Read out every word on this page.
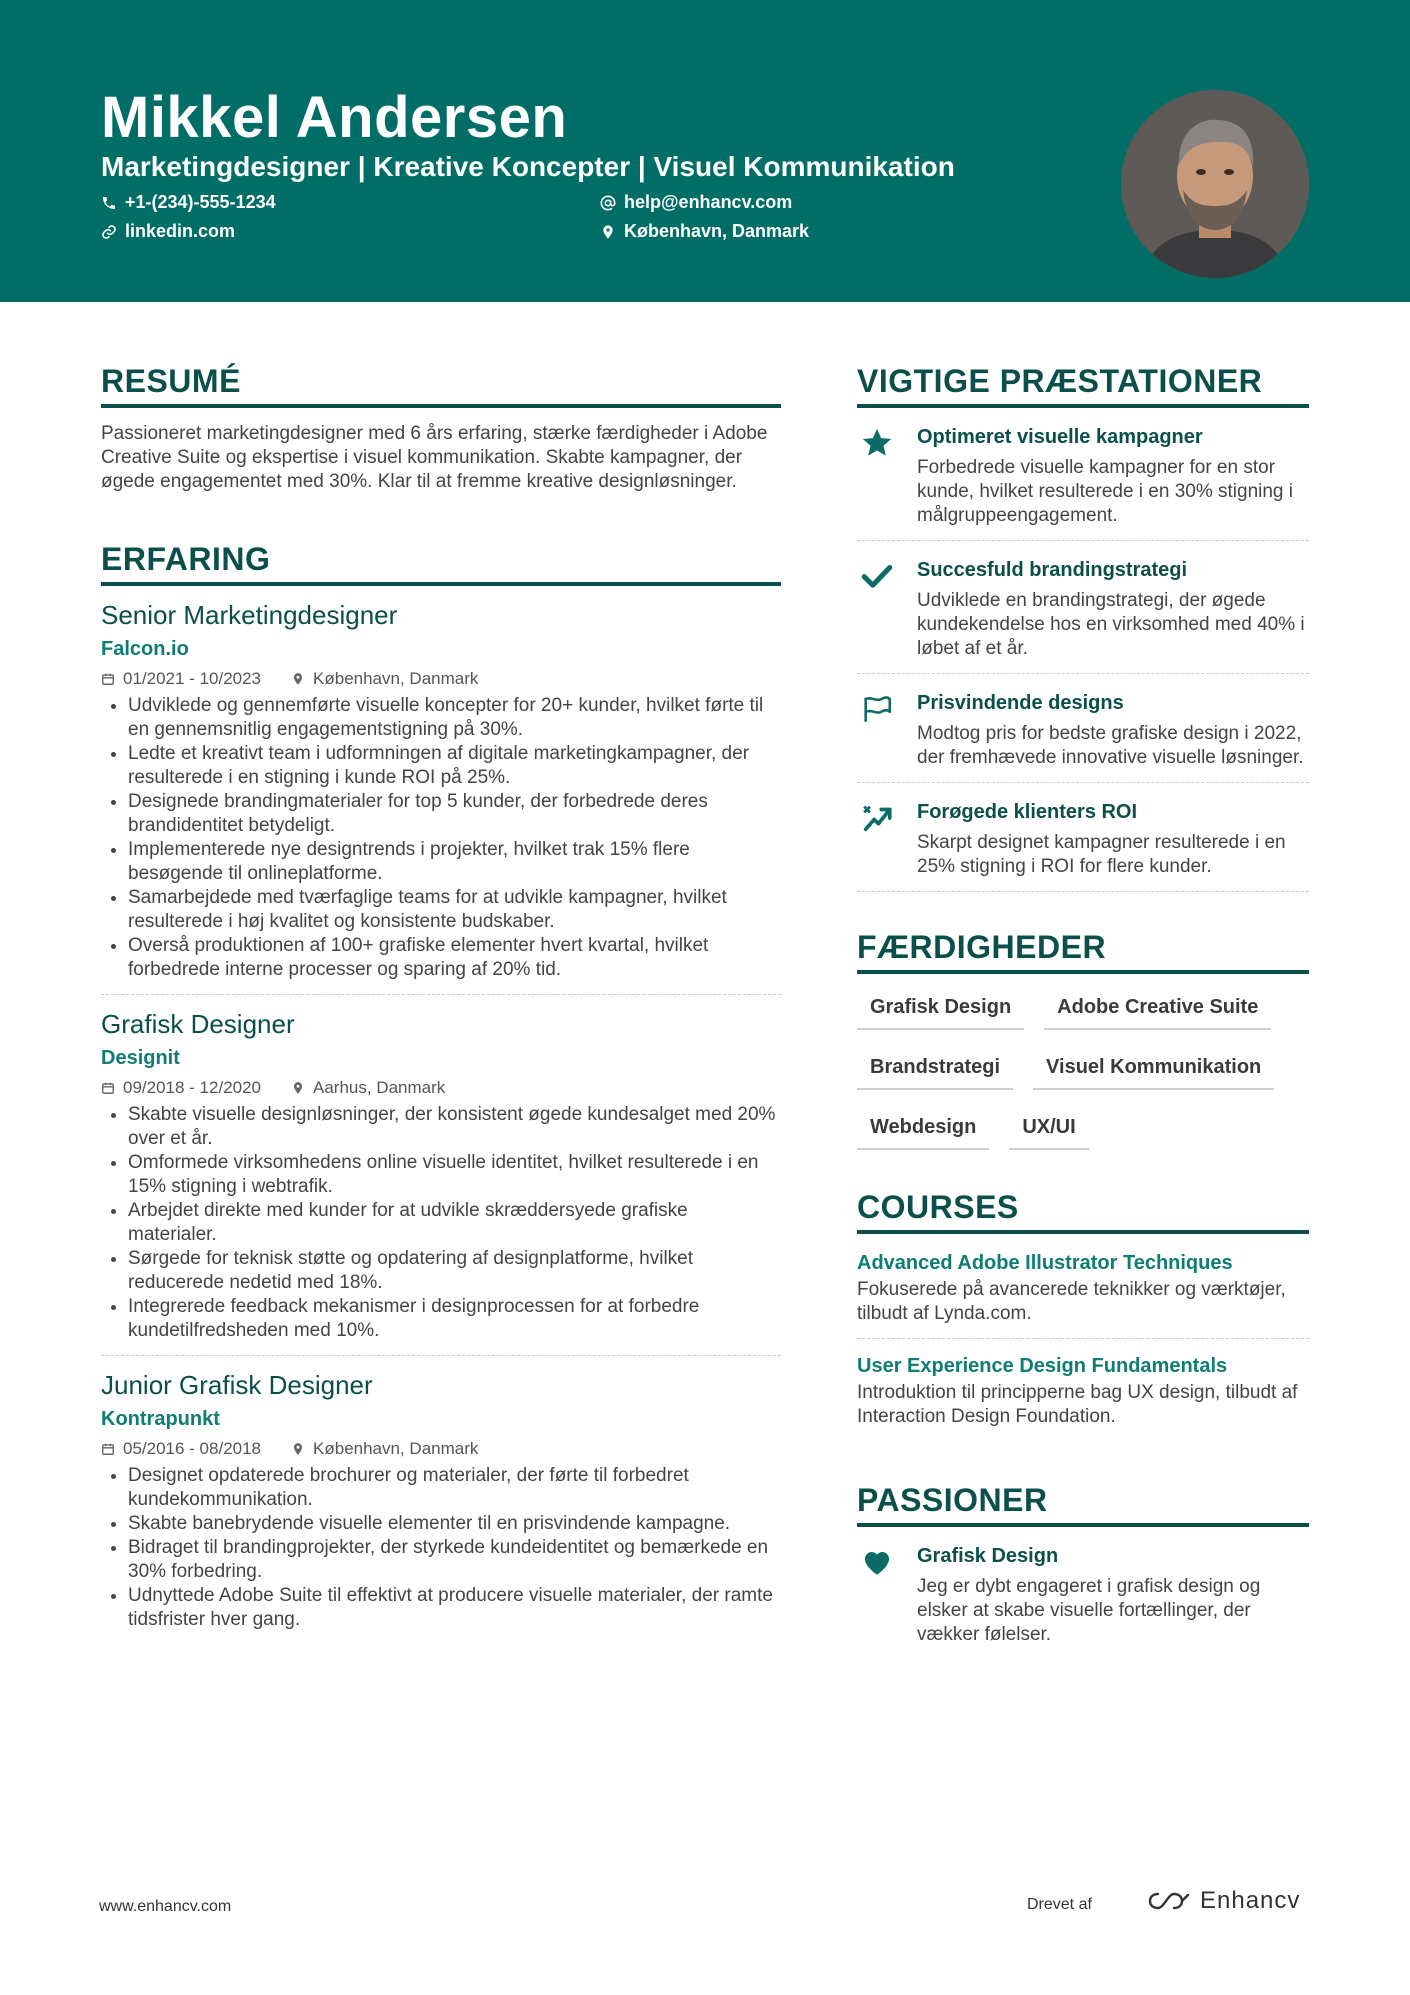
Mikkel Andersen
Marketingdesigner | Kreative Koncepter | Visuel Kommunikation
+1-(234)-555-1234	help@enhancv.com
linkedin.com	København, Danmark
RESUMÉ
Passioneret marketingdesigner med 6 års erfaring, stærke færdigheder i Adobe Creative Suite og ekspertise i visuel kommunikation. Skabte kampagner, der øgede engagementet med 30%. Klar til at fremme kreative designløsninger.
ERFARING
Senior Marketingdesigner
Falcon.io
01/2021 - 10/2023	København, Danmark
• Udviklede og gennemførte visuelle koncepter for 20+ kunder, hvilket førte til en gennemsnitlig engagementstigning på 30%.
• Ledte et kreativt team i udformningen af digitale marketingkampagner, der resulterede i en stigning i kunde ROI på 25%.
• Designede brandingmaterialer for top 5 kunder, der forbedrede deres brandidentitet betydeligt.
• Implementerede nye designtrends i projekter, hvilket trak 15% flere besøgende til onlineplatforme.
• Samarbejdede med tværfaglige teams for at udvikle kampagner, hvilket resulterede i høj kvalitet og konsistente budskaber.
• Overså produktionen af 100+ grafiske elementer hvert kvartal, hvilket forbedrede interne processer og sparing af 20% tid.
Grafisk Designer
Designit
09/2018 - 12/2020	Aarhus, Danmark
• Skabte visuelle designløsninger, der konsistent øgede kundesalget med 20% over et år.
• Omformede virksomhedens online visuelle identitet, hvilket resulterede i en 15% stigning i webtrafik.
• Arbejdet direkte med kunder for at udvikle skræddersyede grafiske materialer.
• Sørgede for teknisk støtte og opdatering af designplatforme, hvilket reducerede nedetid med 18%.
• Integrerede feedback mekanismer i designprocessen for at forbedre kundetilfredsheden med 10%.
Junior Grafisk Designer
Kontrapunkt
05/2016 - 08/2018	København, Danmark
• Designet opdaterede brochurer og materialer, der førte til forbedret kundekommunikation.
• Skabte banebrydende visuelle elementer til en prisvindende kampagne.
• Bidraget til brandingprojekter, der styrkede kundeidentitet og bemærkede en 30% forbedring.
• Udnyttede Adobe Suite til effektivt at producere visuelle materialer, der ramte tidsfrister hver gang.
VIGTIGE PRÆSTATIONER
Optimeret visuelle kampagner
Forbedrede visuelle kampagner for en stor kunde, hvilket resulterede i en 30% stigning i målgruppeengagement.
Succesfuld brandingstrategi
Udviklede en brandingstrategi, der øgede kundekendelse hos en virksomhed med 40% i løbet af et år.
Prisvindende designs
Modtog pris for bedste grafiske design i 2022, der fremhævede innovative visuelle løsninger.
Forøgede klienters ROI
Skarpt designet kampagner resulterede i en 25% stigning i ROI for flere kunder.
FÆRDIGHEDER
Grafisk Design	Adobe Creative Suite
Brandstrategi	Visuel Kommunikation
Webdesign	UX/UI
COURSES
Advanced Adobe Illustrator Techniques
Fokuserede på avancerede teknikker og værktøjer, tilbudt af Lynda.com.
User Experience Design Fundamentals
Introduktion til principperne bag UX design, tilbudt af Interaction Design Foundation.
PASSIONER
Grafisk Design
Jeg er dybt engageret i grafisk design og elsker at skabe visuelle fortællinger, der vækker følelser.
www.enhancv.com	Drevet af	Enhancv
